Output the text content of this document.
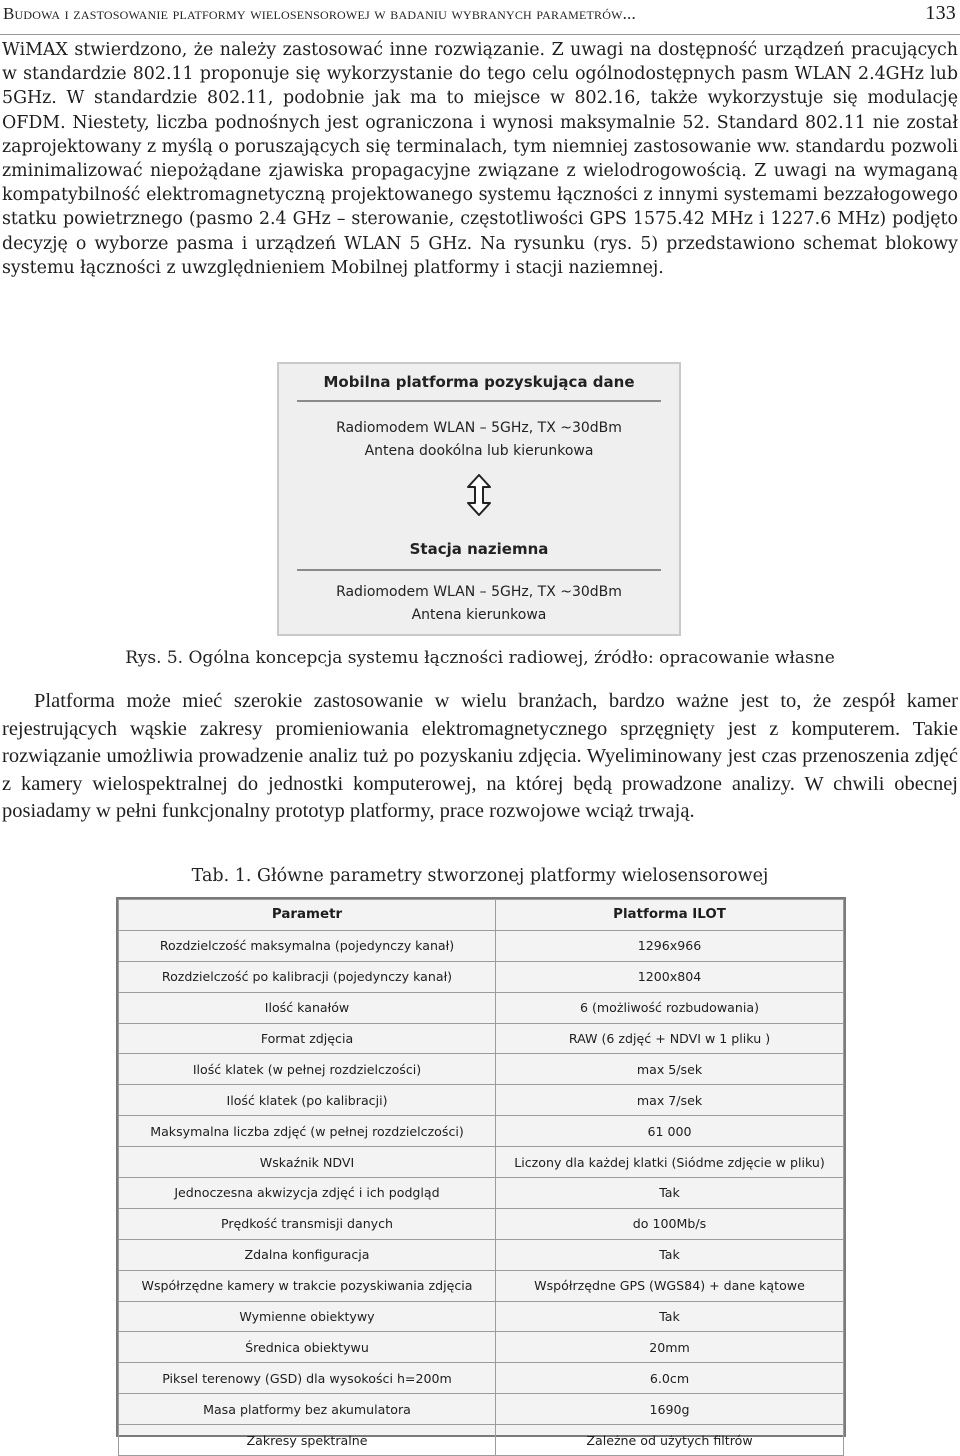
Budowa i zastosowanie platformy wielosensorowej w badaniu wybranych parametrów...	133

WiMAX stwierdzono, że należy zastosować inne rozwiązanie. Z uwagi na dostępność urządzeń pracujących w standardzie 802.11 proponuje się wykorzystanie do tego celu ogólnodostępnych pasm WLAN 2.4GHz lub 5GHz. W standardzie 802.11, podobnie jak ma to miejsce w 802.16, także wykorzystuje się modulację OFDM. Niestety, liczba podnośnych jest ograniczona i wynosi maksymalnie 52. Standard 802.11 nie został zaprojektowany z myślą o poruszających się terminalach, tym niemniej zastosowanie ww. standardu pozwoli zminimalizować niepożądane zjawiska propagacyjne związane z wielodrogowością. Z uwagi na wymaganą kompatybilność elektromagnetyczną projektowanego systemu łączności z innymi systemami bezzałogowego statku powietrznego (pasmo 2.4 GHz – sterowanie, częstotliwości GPS 1575.42 MHz i 1227.6 MHz) podjęto decyzję o wyborze pasma i urządzeń WLAN 5 GHz. Na rysunku (rys. 5) przedstawiono schemat blokowy systemu łączności z uwzględnieniem Mobilnej platformy i stacji naziemnej.

Mobilna platforma pozyskująca dane
Radiomodem WLAN – 5GHz, TX ~30dBm
Antena dookólna lub kierunkowa
Stacja naziemna
Radiomodem WLAN – 5GHz, TX ~30dBm
Antena kierunkowa
Rys. 5. Ogólna koncepcja systemu łączności radiowej, źródło: opracowanie własne

Platforma może mieć szerokie zastosowanie w wielu branżach, bardzo ważne jest to, że zespół kamer rejestrujących wąskie zakresy promieniowania elektromagnetycznego sprzęgnięty jest z komputerem. Takie rozwiązanie umożliwia prowadzenie analiz tuż po pozyskaniu zdjęcia. Wyeliminowany jest czas przenoszenia zdjęć z kamery wielospektralnej do jednostki komputerowej, na której będą prowadzone analizy. W chwili obecnej posiadamy w pełni funkcjonalny prototyp platformy, prace rozwojowe wciąż trwają.

Tab. 1. Główne parametry stworzonej platformy wielosensorowej
Parametr	Platforma ILOT
Rozdzielczość maksymalna (pojedynczy kanał)	1296x966
Rozdzielczość po kalibracji (pojedynczy kanał)	1200x804
Ilość kanałów	6 (możliwość rozbudowania)
Format zdjęcia	RAW (6 zdjęć + NDVI w 1 pliku )
Ilość klatek (w pełnej rozdzielczości)	max 5/sek
Ilość klatek (po kalibracji)	max 7/sek
Maksymalna liczba zdjęć (w pełnej rozdzielczości)	61 000
Wskaźnik NDVI	Liczony dla każdej klatki (Siódme zdjęcie w pliku)
Jednoczesna akwizycja zdjęć i ich podgląd	Tak
Prędkość transmisji danych	do 100Mb/s
Zdalna konfiguracja	Tak
Współrzędne kamery w trakcie pozyskiwania zdjęcia	Współrzędne GPS (WGS84) + dane kątowe
Wymienne obiektywy	Tak
Średnica obiektywu	20mm
Piksel terenowy (GSD) dla wysokości h=200m	6.0cm
Masa platformy bez akumulatora	1690g
Zakresy spektralne	Zależne od użytych filtrów
